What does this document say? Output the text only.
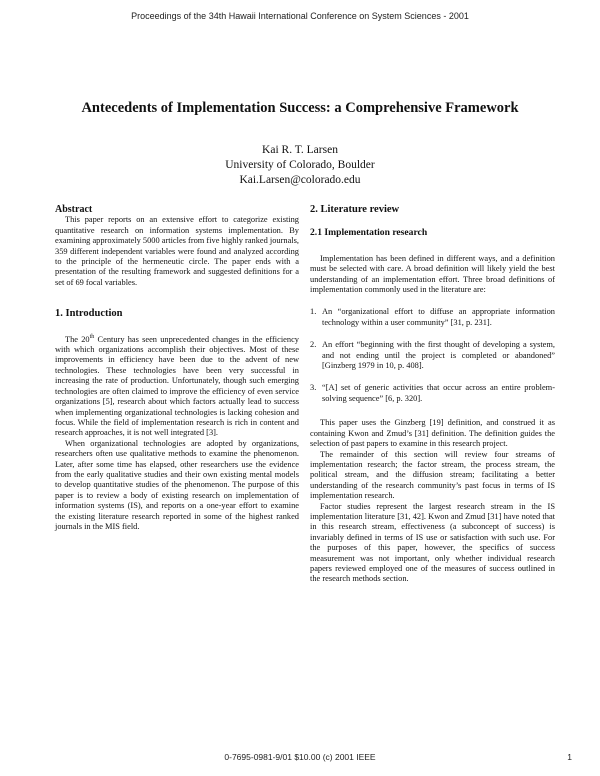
Proceedings of the 34th Hawaii International Conference on System Sciences - 2001
Antecedents of Implementation Success: a Comprehensive Framework
Kai R. T. Larsen
University of Colorado, Boulder
Kai.Larsen@colorado.edu
Abstract

This paper reports on an extensive effort to categorize existing quantitative research on information systems implementation. By examining approximately 5000 articles from five highly ranked journals, 359 different independent variables were found and analyzed according to the principle of the hermeneutic circle. The paper ends with a presentation of the resulting framework and suggested definitions for a set of 69 focal variables.

1. Introduction

The 20th Century has seen unprecedented changes in the efficiency with which organizations accomplish their objectives. Most of these improvements in efficiency have been due to the advent of new technologies. These technologies have been very successful in increasing the rate of production. Unfortunately, though such emerging technologies are often claimed to improve the efficiency of even service organizations [5], research about which factors actually lead to success when implementing organizational technologies is lacking cohesion and focus. While the field of implementation research is rich in content and research approaches, it is not well integrated [3].

When organizational technologies are adopted by organizations, researchers often use qualitative methods to examine the phenomenon. Later, after some time has elapsed, other researchers use the evidence from the early qualitative studies and their own existing mental models to develop quantitative studies of the phenomenon. The purpose of this paper is to review a body of existing research on implementation of information systems (IS), and reports on a one-year effort to examine the existing literature research reported in some of the highest ranked journals in the MIS field.

2. Literature review
2.1 Implementation research

Implementation has been defined in different ways, and a definition must be selected with care. A broad definition will likely yield the best understanding of an implementation effort. Three broad definitions of implementation commonly used in the literature are:

1. An “organizational effort to diffuse an appropriate information technology within a user community” [31, p. 231].
2. An effort “beginning with the first thought of developing a system, and not ending until the project is completed or abandoned” [Ginzberg 1979 in 10, p. 408].
3. “[A] set of generic activities that occur across an entire problem-solving sequence” [6, p. 320].

This paper uses the Ginzberg [19] definition, and construed it as containing Kwon and Zmud’s [31] definition. The definition guides the selection of past papers to examine in this research project.

The remainder of this section will review four streams of implementation research; the factor stream, the process stream, the political stream, and the diffusion stream; facilitating a better understanding of the research community’s past focus in terms of IS implementation research.

Factor studies represent the largest research stream in the IS implementation literature [31, 42]. Kwon and Zmud [31] have noted that in this research stream, effectiveness (a subconcept of success) is invariably defined in terms of IS use or satisfaction with such use. For the purposes of this paper, however, the specifics of success measurement was not important, only whether individual research papers reviewed employed one of the measures of success outlined in the research methods section.

0-7695-0981-9/01 $10.00 (c) 2001 IEEE	1
